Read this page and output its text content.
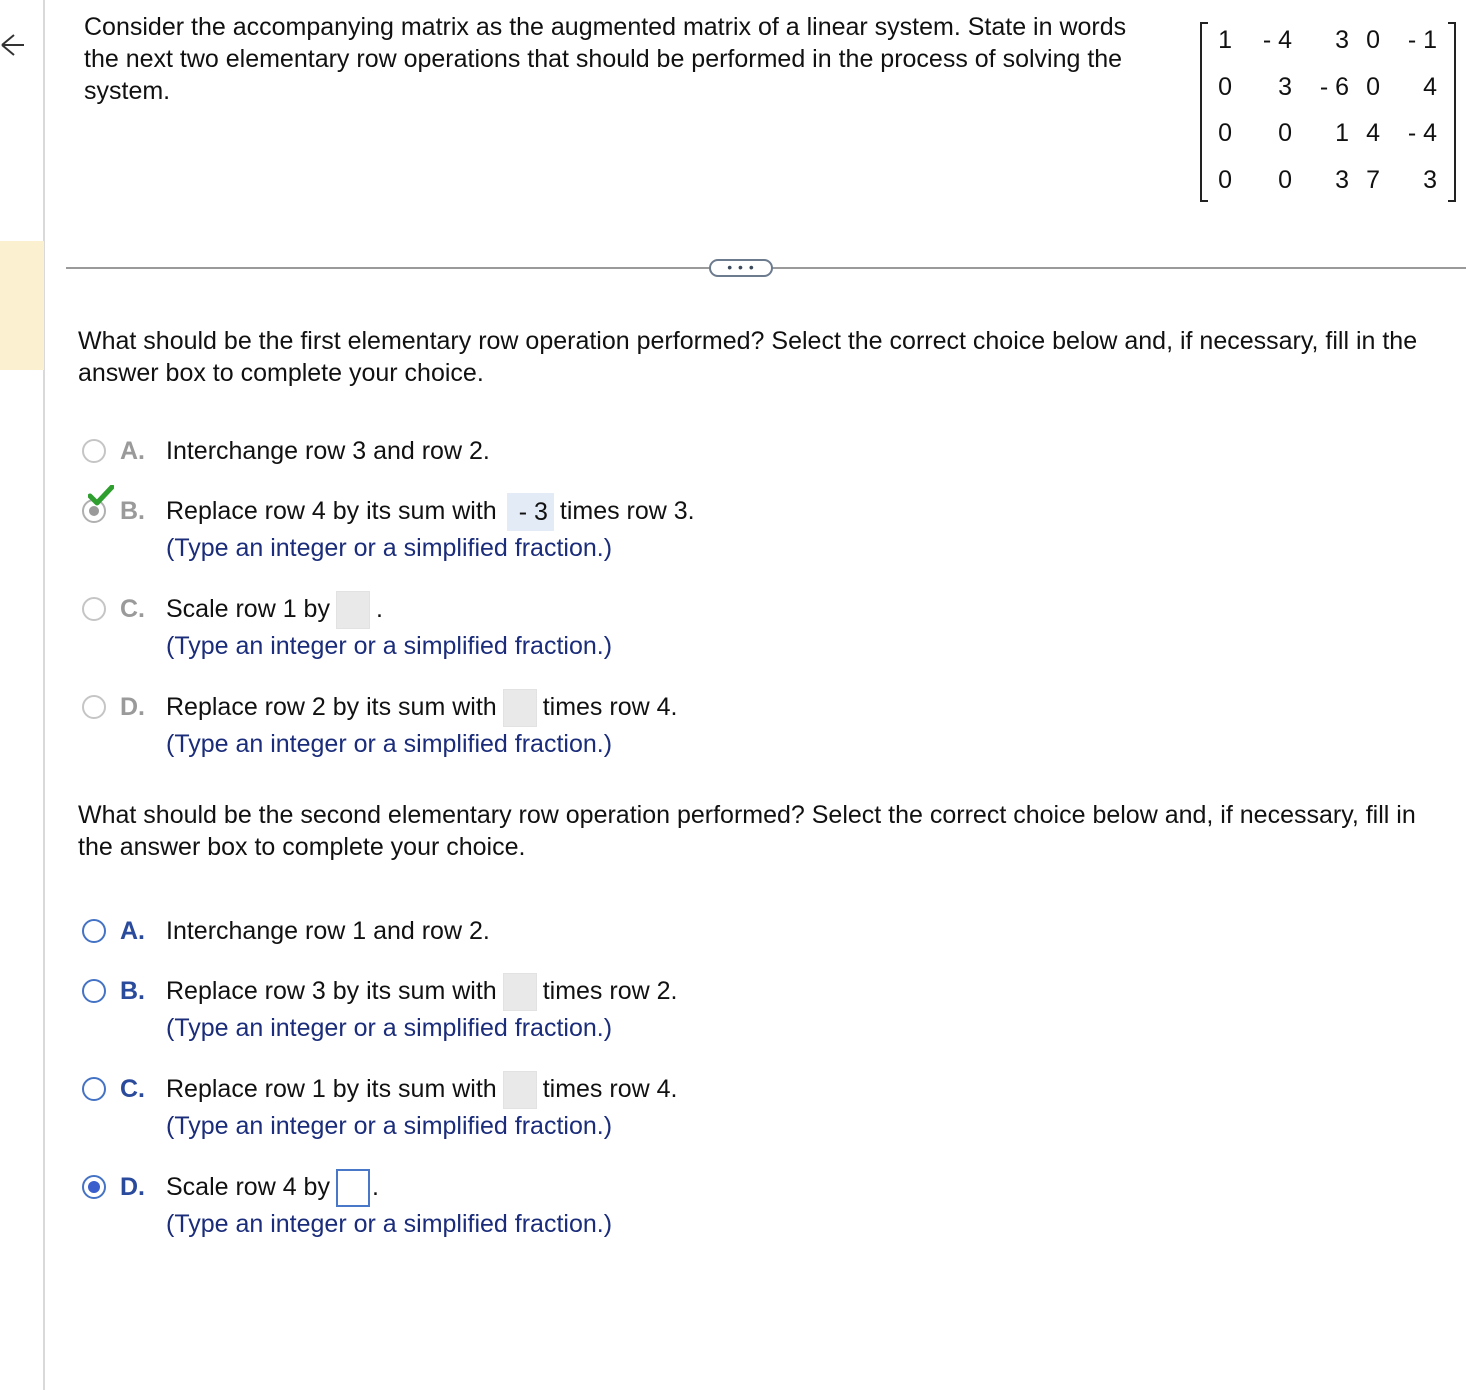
Consider the accompanying matrix as the augmented matrix of a linear system. State in words the next two elementary row operations that should be performed in the process of solving the system.
1	- 4	3 0	- 1
0	3	- 6 0	4
0	0	1 4	- 4
0	0	3 7	3
• • •
What should be the first elementary row operation performed? Select the correct choice below and, if necessary, fill in the answer box to complete your choice.
A. Interchange row 3 and row 2.
B. Replace row 4 by its sum with - 3 times row 3.
(Type an integer or a simplified fraction.)
C. Scale row 1 by .
(Type an integer or a simplified fraction.)
D. Replace row 2 by its sum with times row 4.
(Type an integer or a simplified fraction.)
What should be the second elementary row operation performed? Select the correct choice below and, if necessary, fill in the answer box to complete your choice.
A. Interchange row 1 and row 2.
B. Replace row 3 by its sum with times row 2.
(Type an integer or a simplified fraction.)
C. Replace row 1 by its sum with times row 4.
(Type an integer or a simplified fraction.)
D. Scale row 4 by .
(Type an integer or a simplified fraction.)
